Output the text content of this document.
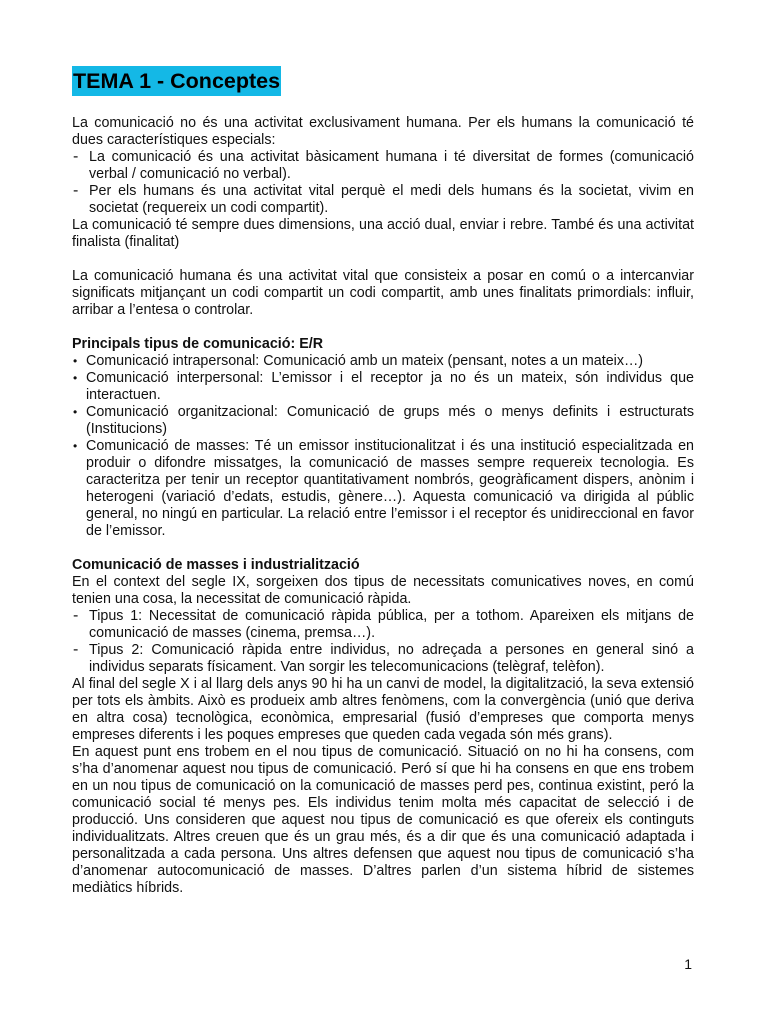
TEMA 1 - Conceptes

La comunicació no és una activitat exclusivament humana. Per els humans la comunicació té dues característiques especials:

- La comunicació és una activitat bàsicament humana i té diversitat de formes (comunicació verbal / comunicació no verbal).
- Per els humans és una activitat vital perquè el medi dels humans és la societat, vivim en societat (requereix un codi compartit).

La comunicació té sempre dues dimensions, una acció dual, enviar i rebre. També és una activitat finalista (finalitat)

La comunicació humana és una activitat vital que consisteix a posar en comú o a intercanviar significats mitjançant un codi compartit un codi compartit, amb unes finalitats primordials: influir, arribar a l’entesa o controlar.

Principals tipus de comunicació: E/R
• Comunicació intrapersonal: Comunicació amb un mateix (pensant, notes a un mateix…)
• Comunicació interpersonal: L’emissor i el receptor ja no és un mateix, són individus que interactuen.
• Comunicació organitzacional: Comunicació de grups més o menys definits i estructurats (Institucions)
• Comunicació de masses: Té un emissor institucionalitzat i és una institució especialitzada en produir o difondre missatges, la comunicació de masses sempre requereix tecnologia. Es caracteritza per tenir un receptor quantitativament nombrós, geogràficament dispers, anònim i heterogeni (variació d’edats, estudis, gènere…). Aquesta comunicació va dirigida al públic general, no ningú en particular. La relació entre l’emissor i el receptor és unidireccional en favor de l’emissor.
Comunicació de masses i industrialització

En el context del segle IX, sorgeixen dos tipus de necessitats comunicatives noves, en comú tenien una cosa, la necessitat de comunicació ràpida.

- Tipus 1: Necessitat de comunicació ràpida pública, per a tothom. Apareixen els mitjans de comunicació de masses (cinema, premsa…).
- Tipus 2: Comunicació ràpida entre individus, no adreçada a persones en general sinó a individus separats físicament. Van sorgir les telecomunicacions (telègraf, telèfon).

Al final del segle X i al llarg dels anys 90 hi ha un canvi de model, la digitalització, la seva extensió per tots els àmbits. Això es produeix amb altres fenòmens, com la convergència (unió que deriva en altra cosa) tecnològica, econòmica, empresarial (fusió d’empreses que comporta menys empreses diferents i les poques empreses que queden cada vegada són més grans).

En aquest punt ens trobem en el nou tipus de comunicació. Situació on no hi ha consens, com s’ha d’anomenar aquest nou tipus de comunicació. Peró sí que hi ha consens en que ens trobem en un nou tipus de comunicació on la comunicació de masses perd pes, continua existint, peró la comunicació social té menys pes. Els individus tenim molta més capacitat de selecció i de producció. Uns consideren que aquest nou tipus de comunicació es que ofereix els continguts individualitzats. Altres creuen que és un grau més, és a dir que és una comunicació adaptada i personalitzada a cada persona. Uns altres defensen que aquest nou tipus de comunicació s’ha d’anomenar autocomunicació de masses. D’altres parlen d’un sistema híbrid de sistemes mediàtics híbrids.

1
